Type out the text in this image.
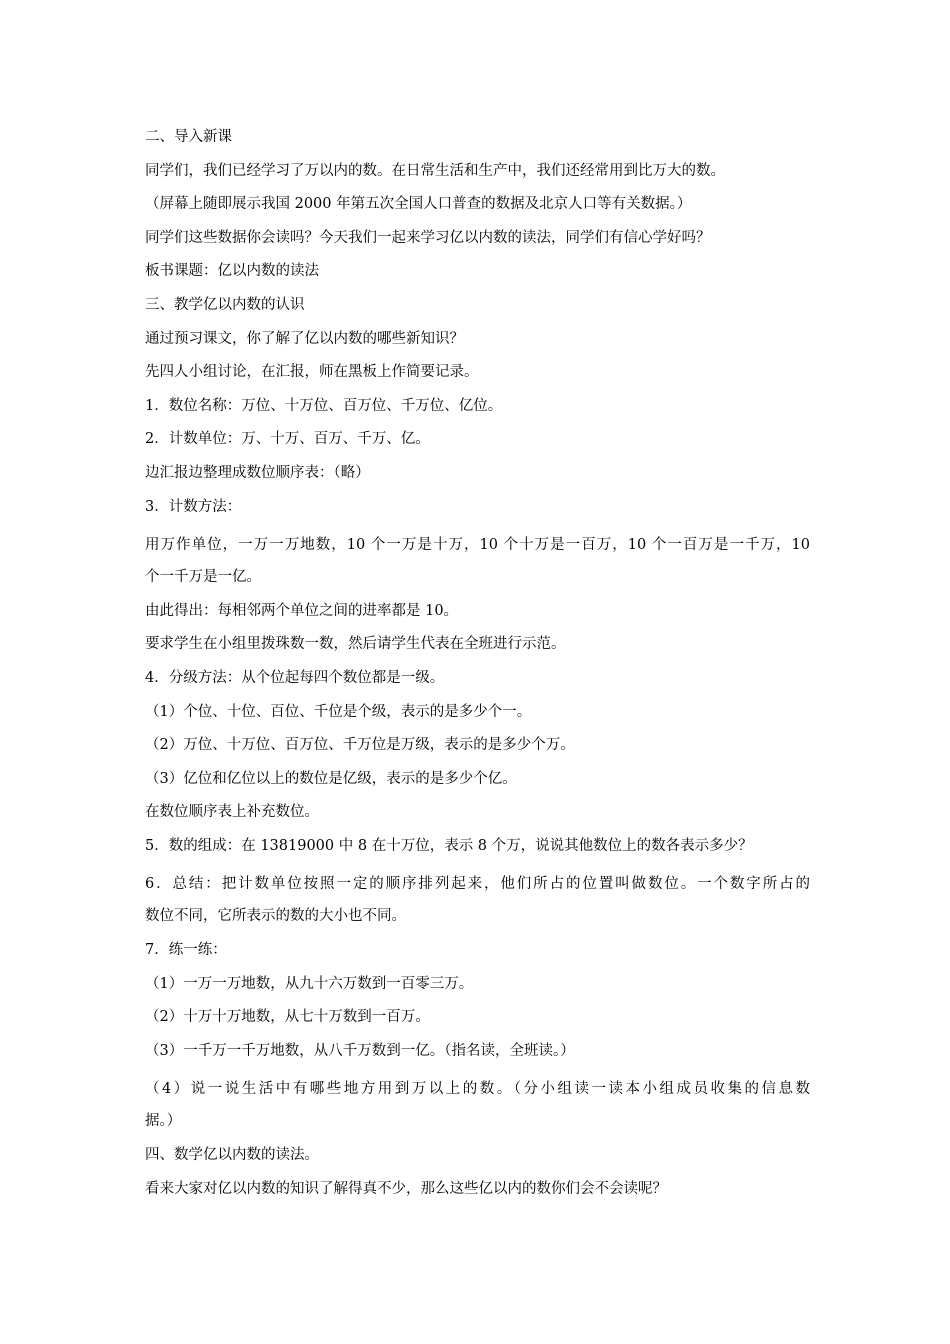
二、导入新课
同学们，我们已经学习了万以内的数。在日常生活和生产中，我们还经常用到比万大的数。
（屏幕上随即展示我国 2000 年第五次全国人口普查的数据及北京人口等有关数据。）
同学们这些数据你会读吗？今天我们一起来学习亿以内数的读法，同学们有信心学好吗？
板书课题：亿以内数的读法
三、教学亿以内数的认识
通过预习课文，你了解了亿以内数的哪些新知识？
先四人小组讨论，在汇报，师在黑板上作简要记录。
1．数位名称：万位、十万位、百万位、千万位、亿位。
2．计数单位：万、十万、百万、千万、亿。
边汇报边整理成数位顺序表：（略）
3．计数方法：
用万作单位，一万一万地数，10 个一万是十万，10 个十万是一百万，10 个一百万是一千万，10
个一千万是一亿。
由此得出：每相邻两个单位之间的进率都是 10。
要求学生在小组里拨珠数一数，然后请学生代表在全班进行示范。
4．分级方法：从个位起每四个数位都是一级。
（1）个位、十位、百位、千位是个级，表示的是多少个一。
（2）万位、十万位、百万位、千万位是万级，表示的是多少个万。
（3）亿位和亿位以上的数位是亿级，表示的是多少个亿。
在数位顺序表上补充数位。
5．数的组成：在 13819000 中 8 在十万位，表示 8 个万，说说其他数位上的数各表示多少？
6．总结：把计数单位按照一定的顺序排列起来，他们所占的位置叫做数位。一个数字所占的
数位不同，它所表示的数的大小也不同。
7．练一练：
（1）一万一万地数，从九十六万数到一百零三万。
（2）十万十万地数，从七十万数到一百万。
（3）一千万一千万地数，从八千万数到一亿。（指名读，全班读。）
（4）说一说生活中有哪些地方用到万以上的数。（分小组读一读本小组成员收集的信息数
据。）
四、数学亿以内数的读法。
看来大家对亿以内数的知识了解得真不少，那么这些亿以内的数你们会不会读呢？
